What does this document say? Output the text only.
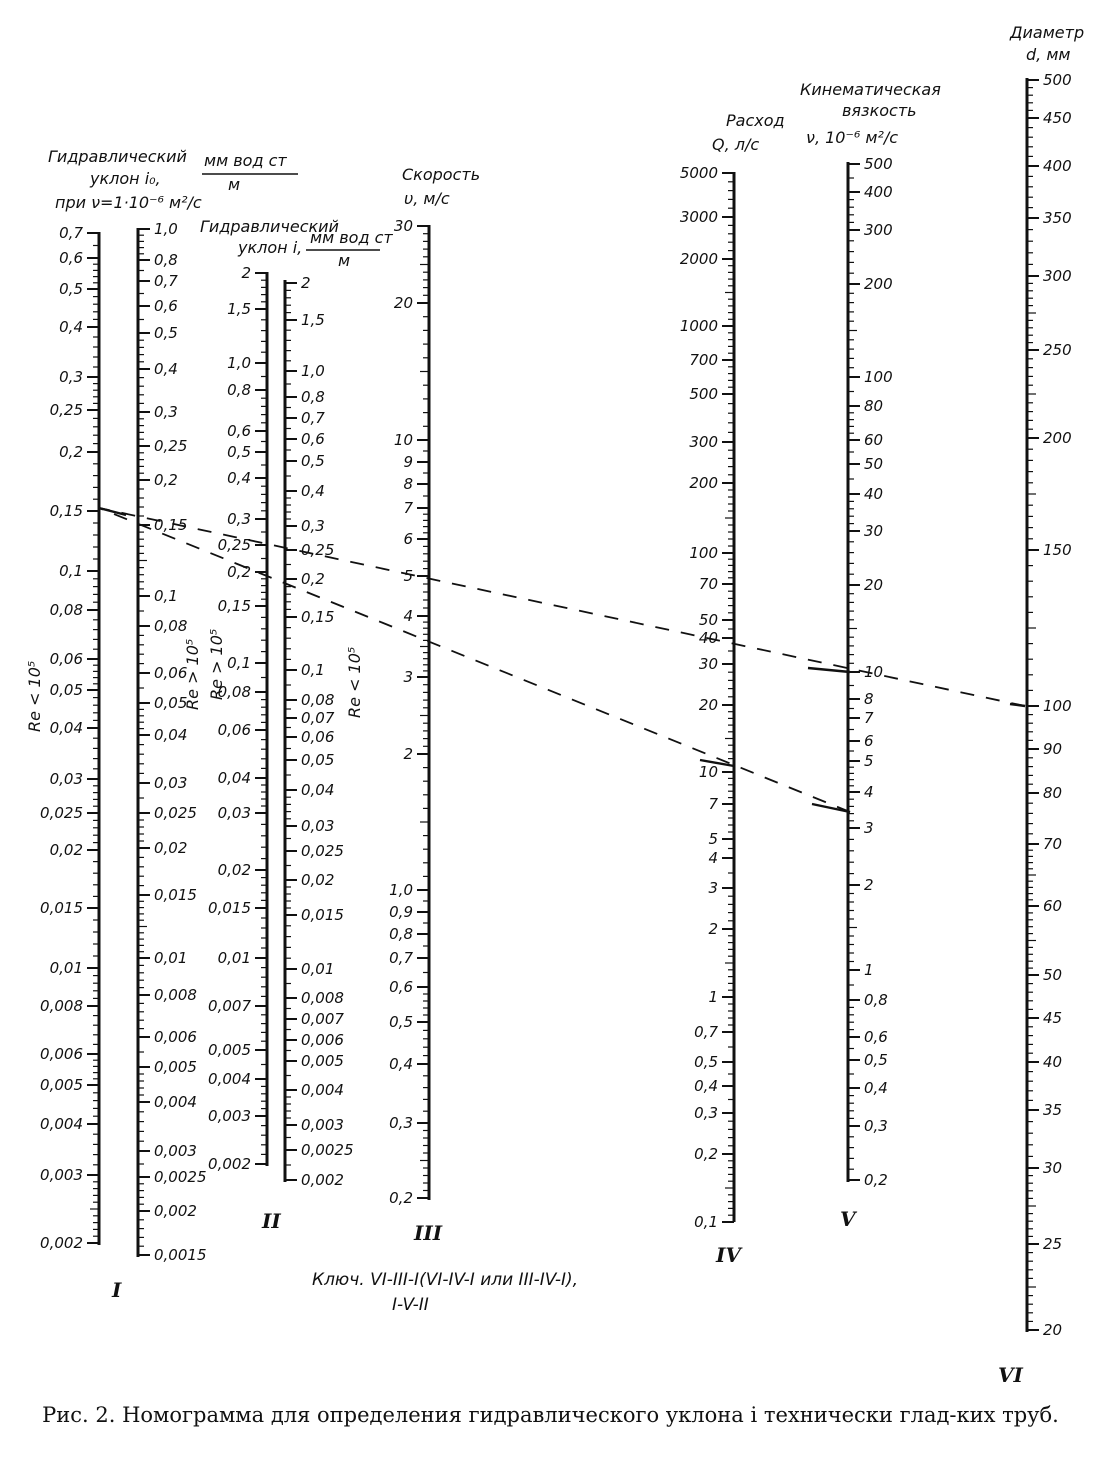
0,7
0,6
0,5
0,4
0,3
0,25
0,2
0,15
0,1
0,08
0,06
0,05
0,04
0,03
0,025
0,02
0,015
0,01
0,008
0,006
0,005
0,004
0,003
0,002
1,0
0,8
0,7
0,6
0,5
0,4
0,3
0,25
0,2
0,15
0,1
0,08
0,06
0,05
0,04
0,03
0,025
0,02
0,015
0,01
0,008
0,006
0,005
0,004
0,003
0,0025
0,002
0,0015
2
1,5
1,0
0,8
0,6
0,5
0,4
0,3
0,25
0,2
0,15
0,1
0,08
0,06
0,04
0,03
0,02
0,015
0,01
0,007
0,005
0,004
0,003
0,002
2
1,5
1,0
0,8
0,7
0,6
0,5
0,4
0,3
0,25
0,2
0,15
0,1
0,08
0,07
0,06
0,05
0,04
0,03
0,025
0,02
0,015
0,01
0,008
0,007
0,006
0,005
0,004
0,003
0,0025
0,002
30
20
10
9
8
7
6
5
4
3
2
1,0
0,9
0,8
0,7
0,6
0,5
0,4
0,3
0,2
5000
3000
2000
1000
700
500
300
200
100
70
50
40
30
20
10
7
5
4
3
2
1
0,7
0,5
0,4
0,3
0,2
0,1
500
400
300
200
100
80
60
50
40
30
20
10
8
7
6
5
4
3
2
1
0,8
0,6
0,5
0,4
0,3
0,2
500
450
400
350
300
250
200
150
100
90
80
70
60
50
45
40
35
30
25
20
Гидравлический
уклон i₀,
при ν=1·10⁻⁶ м²/с
мм вод ст
м
Гидравлический
уклон i,
мм вод ст
м
Скорость
υ, м/с
Расход
Q, л/с
Кинематическая
вязкость
ν, 10⁻⁶ м²/с
Диаметр
d, мм
Re < 10⁵	Re > 10⁵ Re > 10⁵	Re < 10⁵
I
II	III
IV
V
VI
Ключ. VI-III-I(VI-IV-I или III-IV-I),
I-V-II
Рис. 2. Номограмма для определения гидравлического уклона i технически глад-ких труб.
